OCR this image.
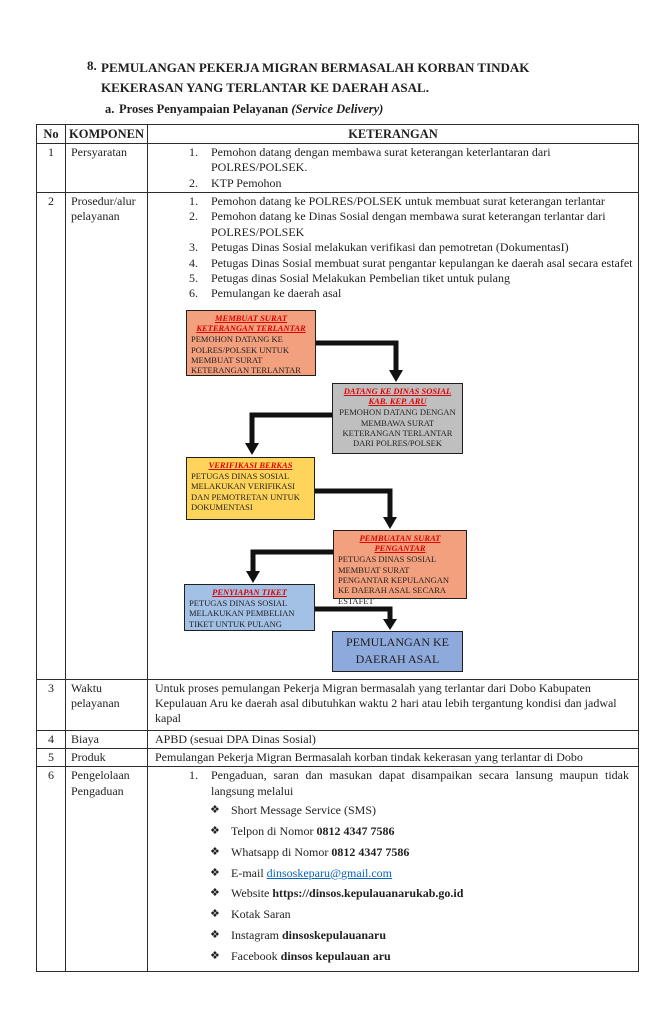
8. PEMULANGAN PEKERJA MIGRAN BERMASALAH KORBAN TINDAK KEKERASAN YANG TERLANTAR KE DAERAH ASAL.
a. Proses Penyampaian Pelayanan (Service Delivery)
No	KOMPONEN	KETERANGAN
1	Persyaratan	Pemohon datang dengan membawa surat keterangan keterlantaran dari POLRES/POLSEK.
KTP Pemohon

2	Prosedur/alur pelayanan	
Pemohon datang ke POLRES/POLSEK untuk membuat surat keterangan terlantar
Pemohon datang ke Dinas Sosial dengan membawa surat keterangan terlantar dari POLRES/POLSEK
Petugas Dinas Sosial melakukan verifikasi dan pemotretan (DokumentasI)
Petugas Dinas Sosial membuat surat pengantar kepulangan ke daerah asal secara estafet
Petugas dinas Sosial Melakukan Pembelian tiket untuk pulang
Pemulangan ke daerah asal
MEMBUAT SURAT KETERANGAN TERLANTAR
PEMOHON DATANG KE POLRES/POLSEK UNTUK MEMBUAT SURAT KETERANGAN TERLANTAR
DATANG KE DINAS SOSIAL KAB. KEP. ARU
PEMOHON DATANG DENGAN MEMBAWA SURAT KETERANGAN TERLANTAR DARI POLRES/POLSEK
VERIFIKASI BERKAS
PETUGAS DINAS SOSIAL MELAKUKAN VERIFIKASI DAN PEMOTRETAN UNTUK DOKUMENTASI
PEMBUATAN SURAT PENGANTAR
PETUGAS DINAS SOSIAL MEMBUAT SURAT PENGANTAR KEPULANGAN KE DAERAH ASAL SECARA ESTAFET
PENYIAPAN TIKET
PETUGAS DINAS SOSIAL MELAKUKAN PEMBELIAN TIKET UNTUK PULANG
PEMULANGAN KE DAERAH ASAL

3	Waktu pelayanan	Untuk proses pemulangan Pekerja Migran bermasalah yang terlantar dari Dobo Kabupaten Kepulauan Aru ke daerah asal dibutuhkan waktu 2 hari atau lebih tergantung kondisi dan jadwal kapal

4	Biaya	APBD (sesuai DPA Dinas Sosial)

5	Produk	Pemulangan Pekerja Migran Bermasalah korban tindak kekerasan yang terlantar di Dobo

6	Pengelolaan Pengaduan	
1. Pengaduan, saran dan masukan dapat disampaikan secara lansung maupun tidak langsung melalui
❖ Short Message Service (SMS)
❖ Telpon di Nomor 0812 4347 7586
❖ Whatsapp di Nomor 0812 4347 7586
❖ E-mail dinsoskeparu@gmail.com
❖ Website https://dinsos.kepulauanarukab.go.id
❖ Kotak Saran
❖ Instagram dinsoskepulauanaru
❖ Facebook dinsos kepulauan aru
